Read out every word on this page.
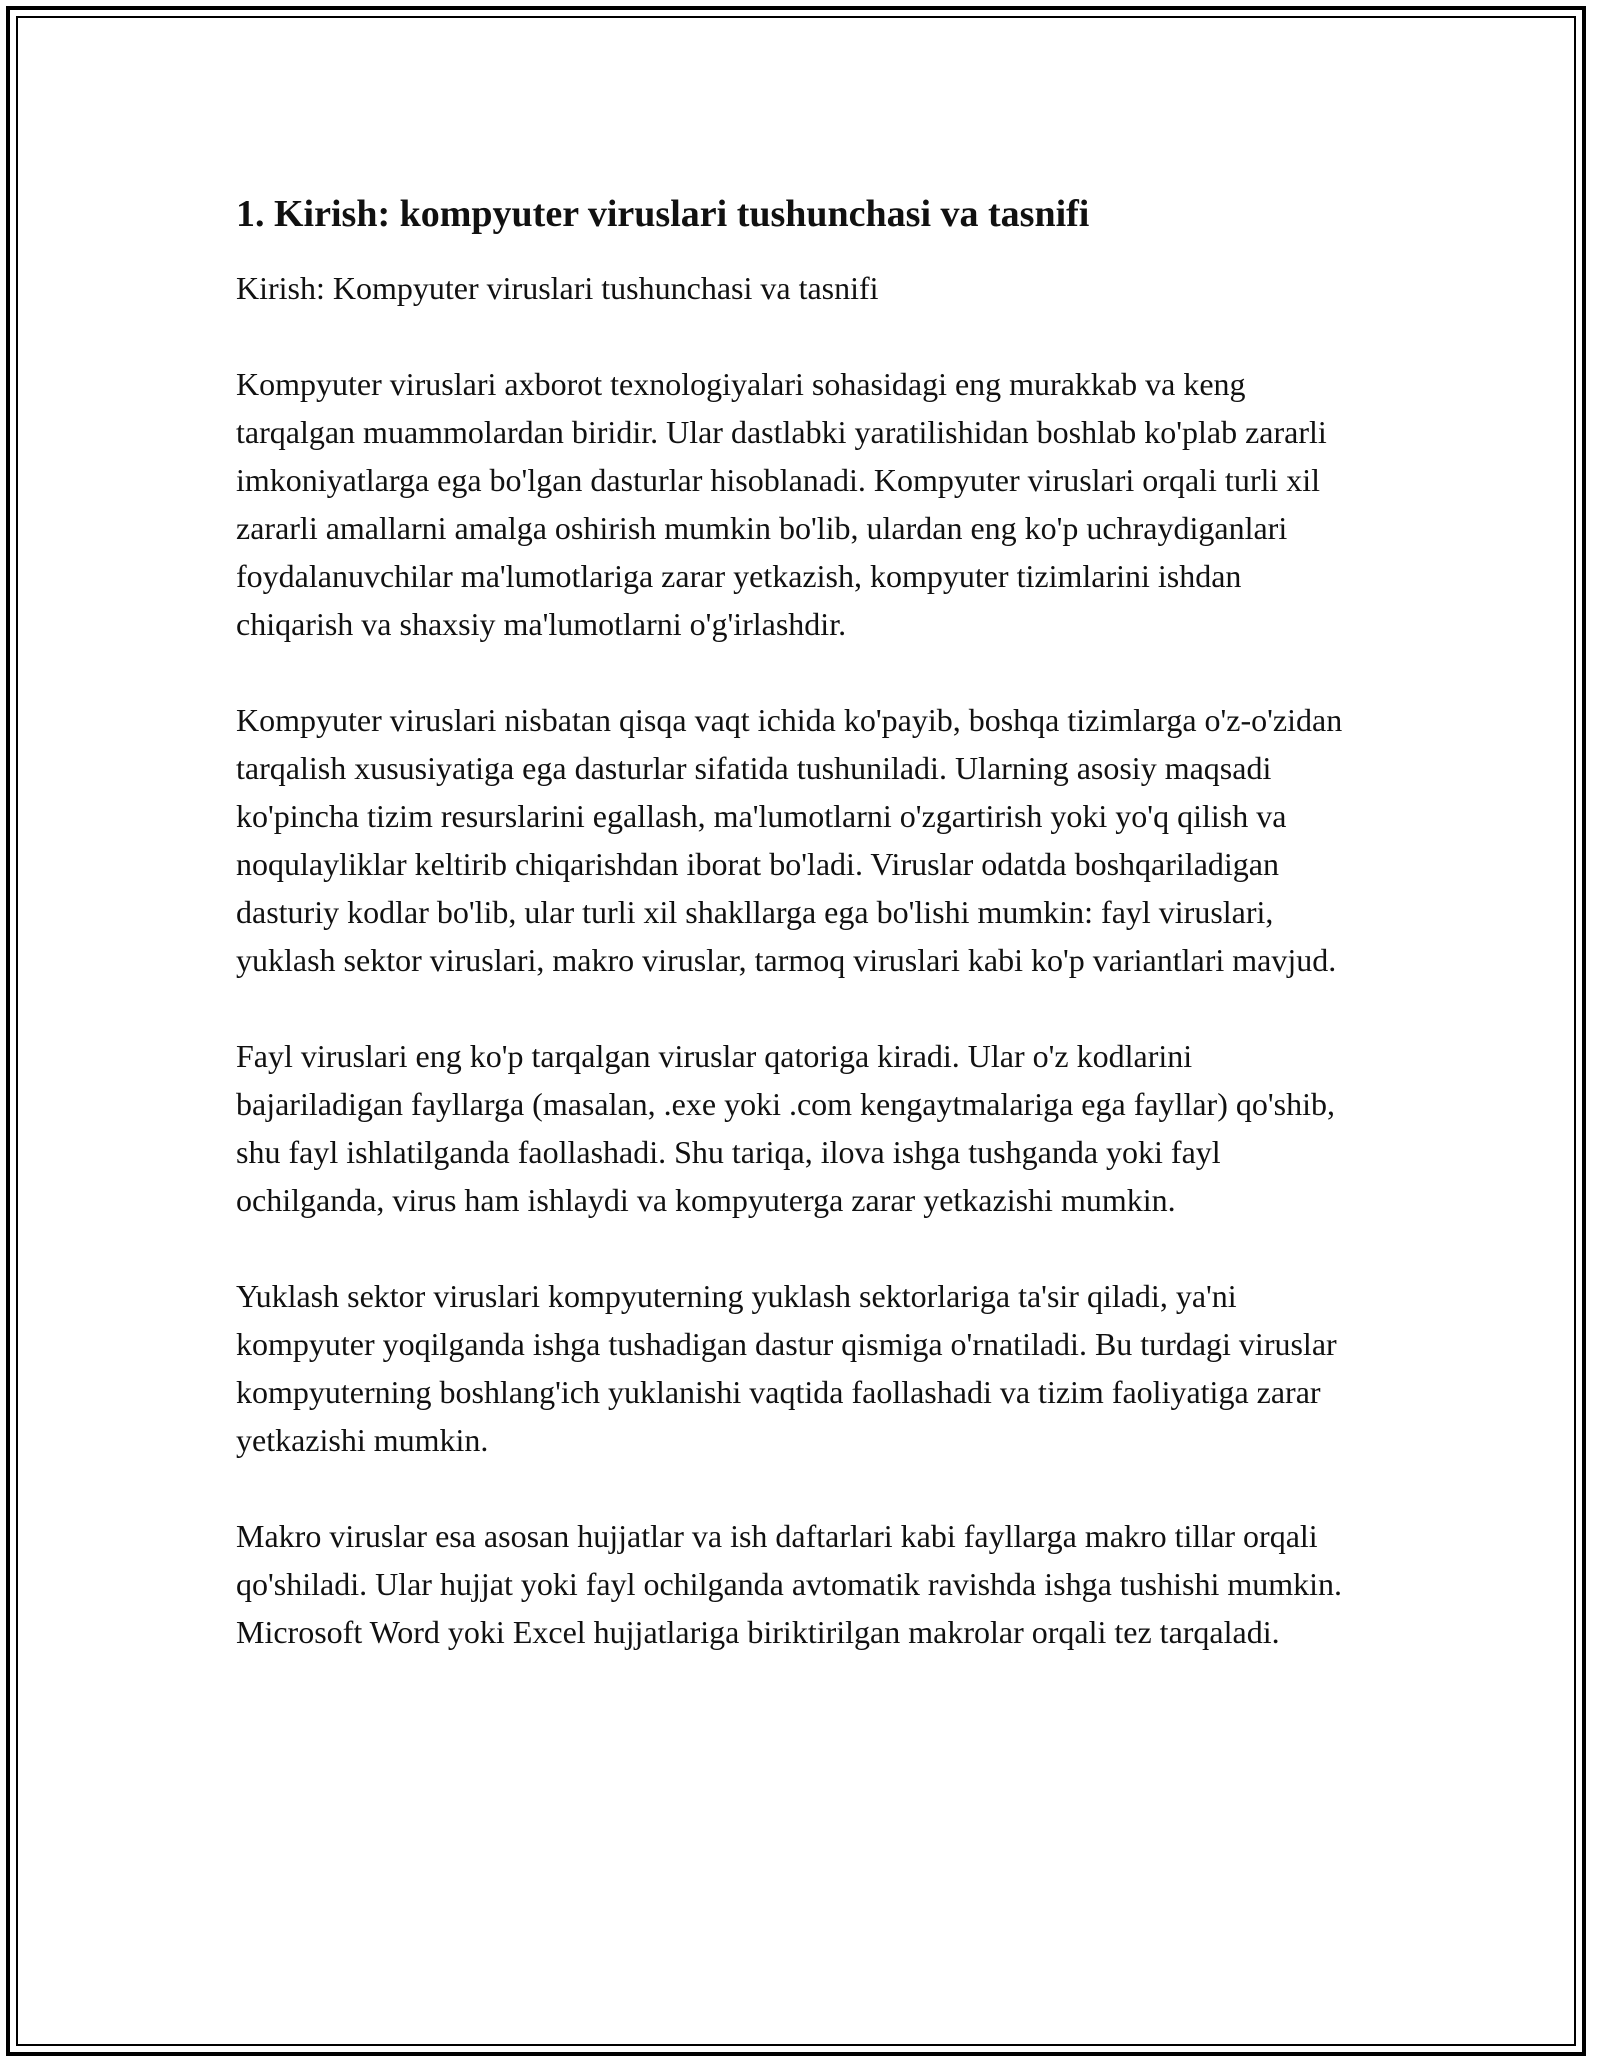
1. Kirish: kompyuter viruslari tushunchasi va tasnifi

Kirish: Kompyuter viruslari tushunchasi va tasnifi

Kompyuter viruslari axborot texnologiyalari sohasidagi eng murakkab va keng tarqalgan muammolardan biridir. Ular dastlabki yaratilishidan boshlab ko'plab zararli imkoniyatlarga ega bo'lgan dasturlar hisoblanadi. Kompyuter viruslari orqali turli xil zararli amallarni amalga oshirish mumkin bo'lib, ulardan eng ko'p uchraydiganlari foydalanuvchilar ma'lumotlariga zarar yetkazish, kompyuter tizimlarini ishdan chiqarish va shaxsiy ma'lumotlarni o'g'irlashdir.

Kompyuter viruslari nisbatan qisqa vaqt ichida ko'payib, boshqa tizimlarga o'z-o'zidan tarqalish xususiyatiga ega dasturlar sifatida tushuniladi. Ularning asosiy maqsadi ko'pincha tizim resurslarini egallash, ma'lumotlarni o'zgartirish yoki yo'q qilish va noqulayliklar keltirib chiqarishdan iborat bo'ladi. Viruslar odatda boshqariladigan dasturiy kodlar bo'lib, ular turli xil shakllarga ega bo'lishi mumkin: fayl viruslari, yuklash sektor viruslari, makro viruslar, tarmoq viruslari kabi ko'p variantlari mavjud.

Fayl viruslari eng ko'p tarqalgan viruslar qatoriga kiradi. Ular o'z kodlarini bajariladigan fayllarga (masalan, .exe yoki .com kengaytmalariga ega fayllar) qo'shib, shu fayl ishlatilganda faollashadi. Shu tariqa, ilova ishga tushganda yoki fayl ochilganda, virus ham ishlaydi va kompyuterga zarar yetkazishi mumkin.

Yuklash sektor viruslari kompyuterning yuklash sektorlariga ta'sir qiladi, ya'ni kompyuter yoqilganda ishga tushadigan dastur qismiga o'rnatiladi. Bu turdagi viruslar kompyuterning boshlang'ich yuklanishi vaqtida faollashadi va tizim faoliyatiga zarar yetkazishi mumkin.

Makro viruslar esa asosan hujjatlar va ish daftarlari kabi fayllarga makro tillar orqali qo'shiladi. Ular hujjat yoki fayl ochilganda avtomatik ravishda ishga tushishi mumkin. Microsoft Word yoki Excel hujjatlariga biriktirilgan makrolar orqali tez tarqaladi.
